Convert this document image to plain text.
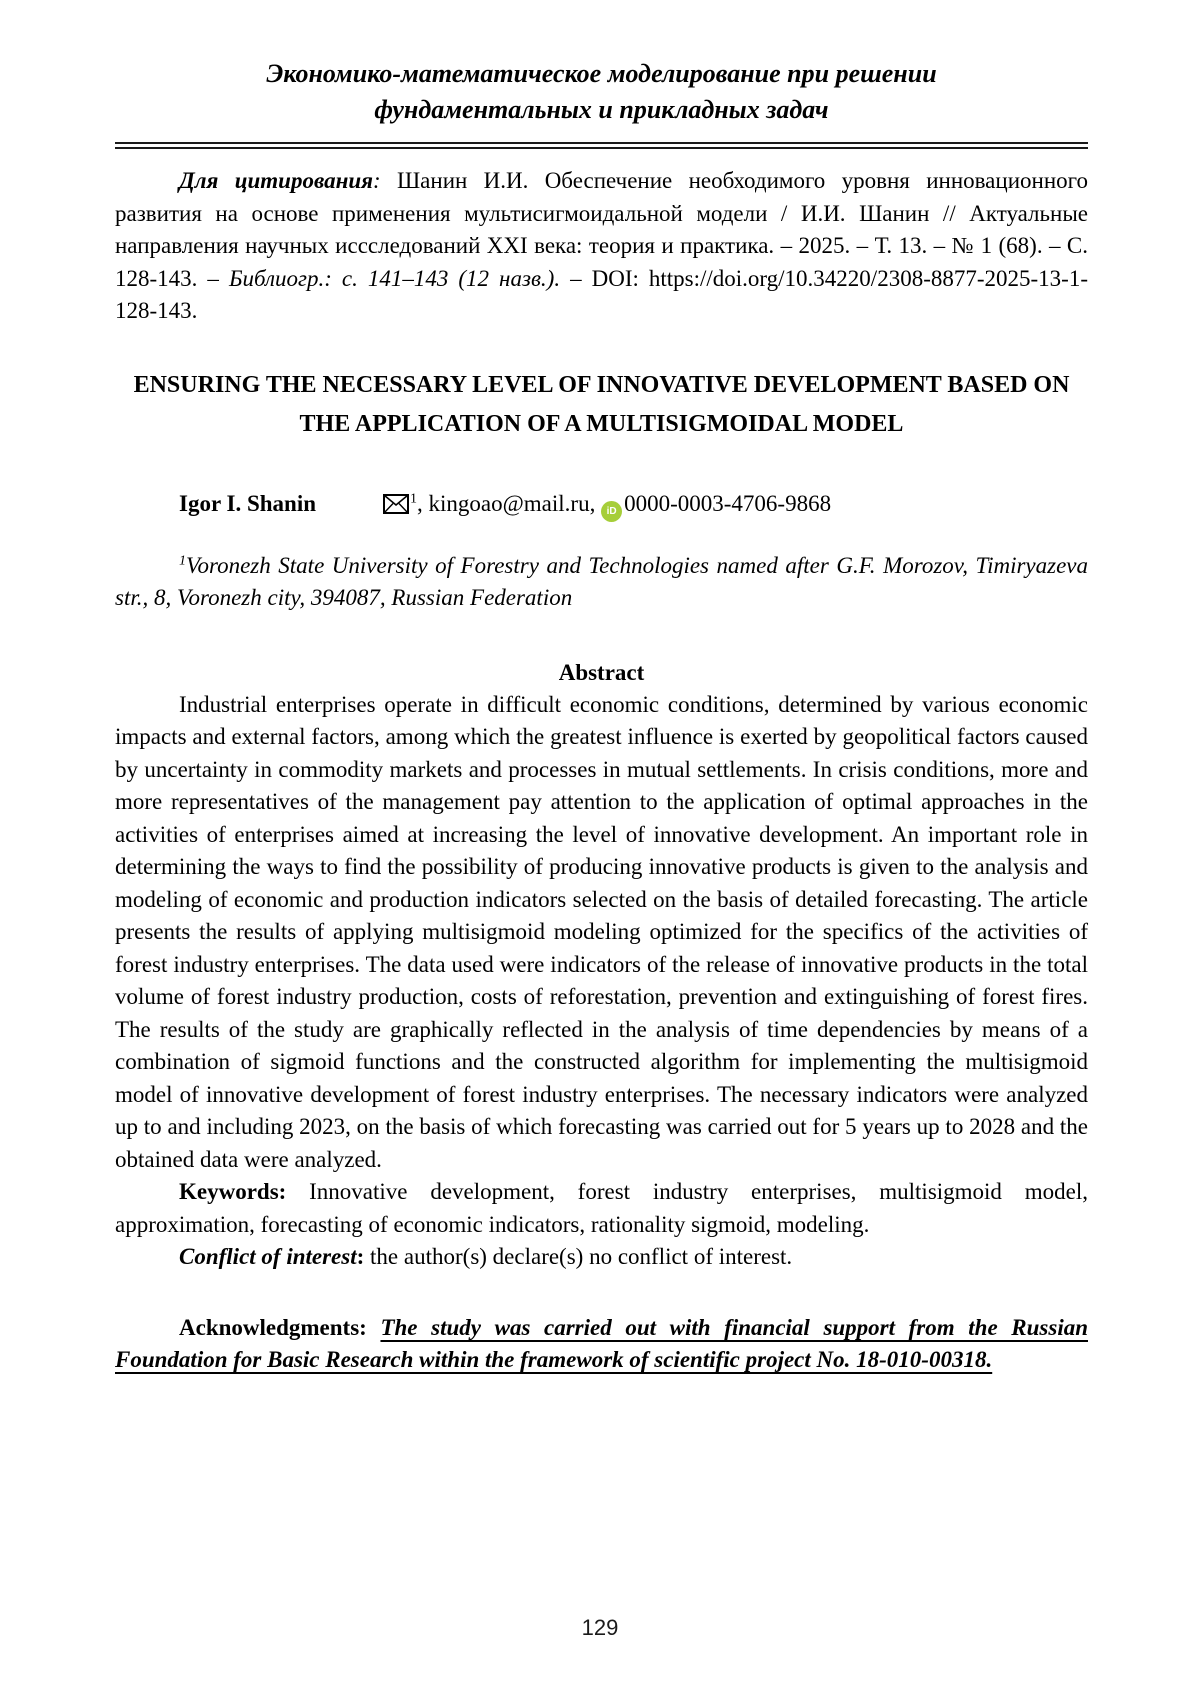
Экономико-математическое моделирование при решении
фундаментальных и прикладных задач

Для цитирования: Шанин И.И. Обеспечение необходимого уровня инновационного развития на основе применения мультисигмоидальной модели / И.И. Шанин // Актуальные направления научных иссследований XXI века: теория и практика. – 2025. – Т. 13. – № 1 (68). – С. 128-143. – Библиогр.: с. 141–143 (12 назв.). – DOI: https://doi.org/10.34220/2308-8877-2025-13-1-128-143.

ENSURING THE NECESSARY LEVEL OF INNOVATIVE DEVELOPMENT BASED ON
THE APPLICATION OF A MULTISIGMOIDAL MODEL

Igor I. Shanin	$^1$, kingoao@mail.ru, iD 0000-0003-4706-9868

$^1$Voronezh State University of Forestry and Technologies named after G.F. Morozov, Timiryazeva str., 8, Voronezh city, 394087, Russian Federation

Abstract

Industrial enterprises operate in difficult economic conditions, determined by various economic impacts and external factors, among which the greatest influence is exerted by geopolitical factors caused by uncertainty in commodity markets and processes in mutual settlements. In crisis conditions, more and more representatives of the management pay attention to the application of optimal approaches in the activities of enterprises aimed at increasing the level of innovative development. An important role in determining the ways to find the possibility of producing innovative products is given to the analysis and modeling of economic and production indicators selected on the basis of detailed forecasting. The article presents the results of applying multisigmoid modeling optimized for the specifics of the activities of forest industry enterprises. The data used were indicators of the release of innovative products in the total volume of forest industry production, costs of reforestation, prevention and extinguishing of forest fires. The results of the study are graphically reflected in the analysis of time dependencies by means of a combination of sigmoid functions and the constructed algorithm for implementing the multisigmoid model of innovative development of forest industry enterprises. The necessary indicators were analyzed up to and including 2023, on the basis of which forecasting was carried out for 5 years up to 2028 and the obtained data were analyzed.

Keywords: Innovative development, forest industry enterprises, multisigmoid model, approximation, forecasting of economic indicators, rationality sigmoid, modeling.

Conflict of interest: the author(s) declare(s) no conflict of interest.

Acknowledgments: The study was carried out with financial support from the Russian Foundation for Basic Research within the framework of scientific project No. 18-010-00318.

129
